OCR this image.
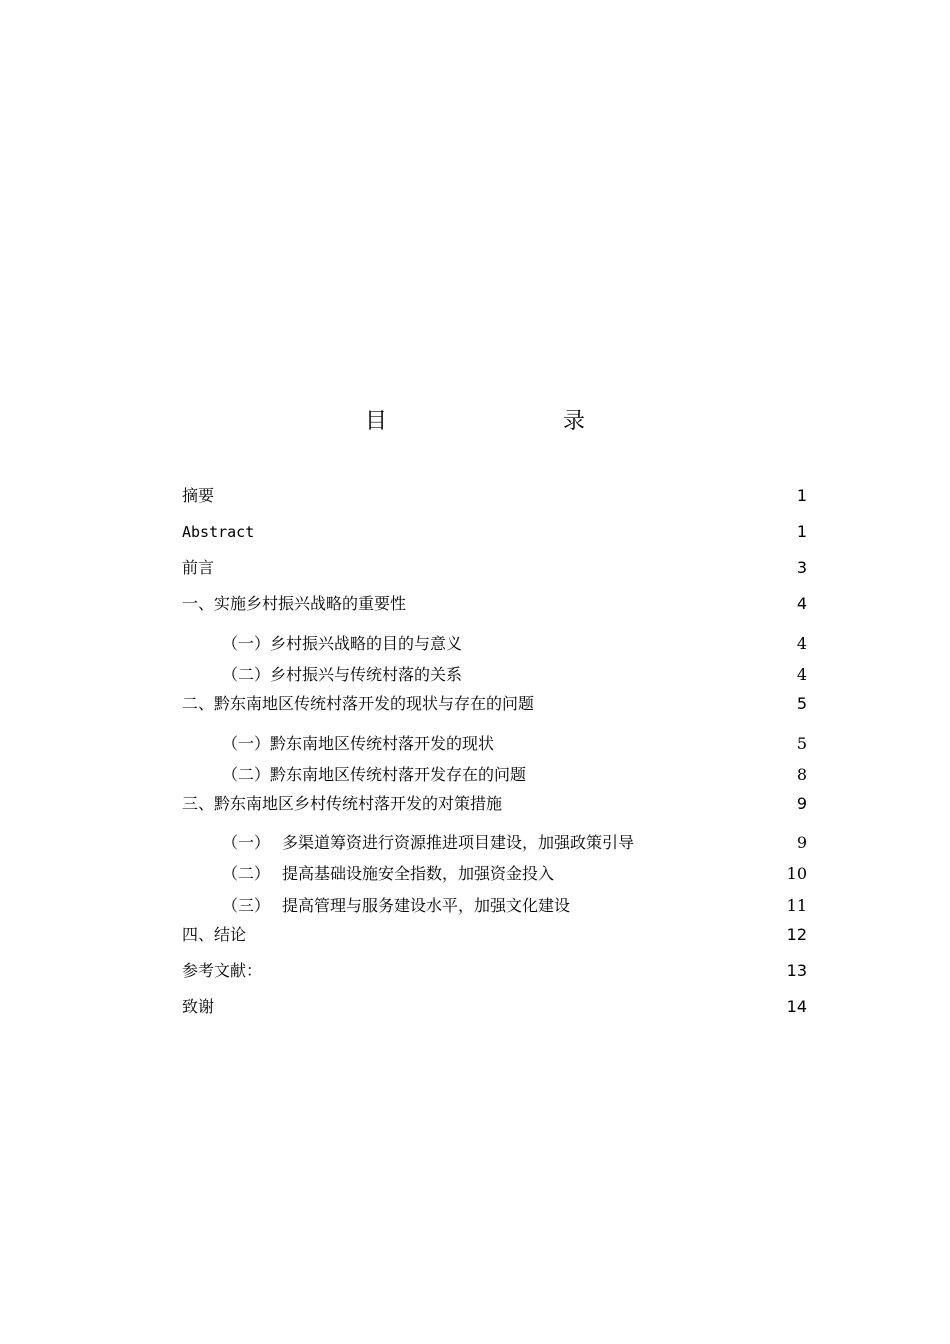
目　　录
摘要	1
Abstract	1
前言	3
一、实施乡村振兴战略的重要性	4
（一）乡村振兴战略的目的与意义	4
（二）乡村振兴与传统村落的关系	4
二、黔东南地区传统村落开发的现状与存在的问题	5
（一）黔东南地区传统村落开发的现状	5
（二）黔东南地区传统村落开发存在的问题	8
三、黔东南地区乡村传统村落开发的对策措施	9
（一） 多渠道筹资进行资源推进项目建设，加强政策引导	9
（二） 提高基础设施安全指数，加强资金投入	10
（三） 提高管理与服务建设水平，加强文化建设	11
四、结论	12
参考文献：	13
致谢	14
